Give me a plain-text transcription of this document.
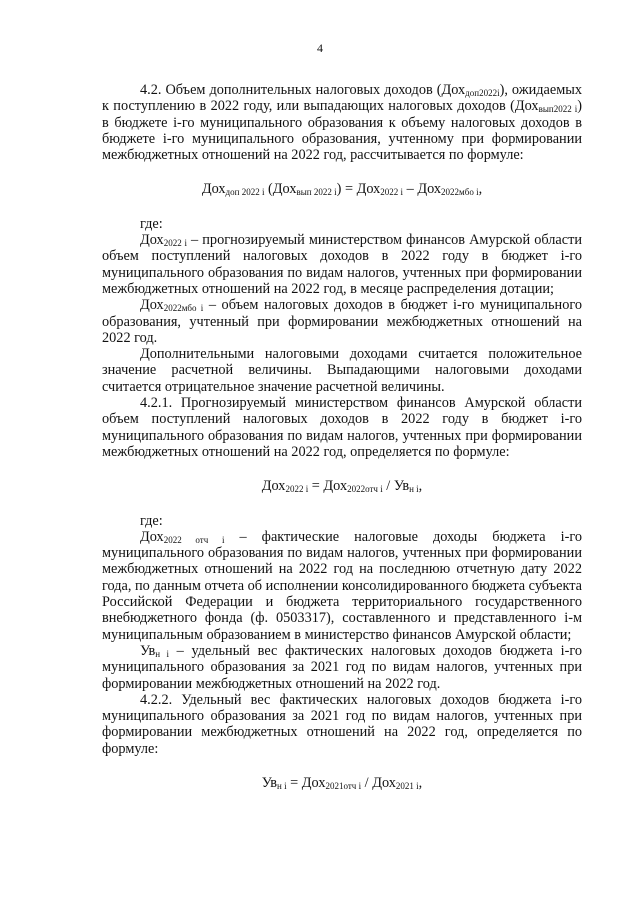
4

4.2. Объем дополнительных налоговых доходов (Дох$_{доп2022i}$), ожидаемых к поступлению в 2022 году, или выпадающих налоговых доходов (Дох$_{вып2022 i}$) в бюджете i-го муниципального образования к объему налоговых доходов в бюджете i-го муниципального образования, учтенному при формировании межбюджетных отношений на 2022 год, рассчитывается по формуле:

Дох$_{доп 2022 i}$ (Дох$_{вып 2022 i}$) = Дох$_{2022 i}$ – Дох$_{2022мбо i}$,

где:

Дох$_{2022 i}$ – прогнозируемый министерством финансов Амурской области объем поступлений налоговых доходов в 2022 году в бюджет i-го муниципального образования по видам налогов, учтенных при формировании межбюджетных отношений на 2022 год, в месяце распределения дотации;

Дох$_{2022мбо i}$ – объем налоговых доходов в бюджет i-го муниципального образования, учтенный при формировании межбюджетных отношений на 2022 год.

Дополнительными налоговыми доходами считается положительное значение расчетной величины. Выпадающими налоговыми доходами считается отрицательное значение расчетной величины.

4.2.1. Прогнозируемый министерством финансов Амурской области объем поступлений налоговых доходов в 2022 году в бюджет i-го муниципального образования по видам налогов, учтенных при формировании межбюджетных отношений на 2022 год, определяется по формуле:

$Дох_{2022 i} = Дох_{2022отч i} / Ув_{н i}$,

где:

Дох$_{2022 отч i}$ – фактические налоговые доходы бюджета i-го муниципального образования по видам налогов, учтенных при формировании межбюджетных отношений на 2022 год на последнюю отчетную дату 2022 года, по данным отчета об исполнении консолидированного бюджета субъекта Российской Федерации и бюджета территориального государственного внебюджетного фонда (ф. 0503317), составленного и представленного i-м муниципальным образованием в министерство финансов Амурской области;

$Ув_{н i}$ – удельный вес фактических налоговых доходов бюджета i-го муниципального образования за 2021 год по видам налогов, учтенных при формировании межбюджетных отношений на 2022 год.

4.2.2. Удельный вес фактических налоговых доходов бюджета i-го муниципального образования за 2021 год по видам налогов, учтенных при формировании межбюджетных отношений на 2022 год, определяется по формуле:

$Ув_{н i} = Дох_{2021отч i} / Дох_{2021 i}$,
